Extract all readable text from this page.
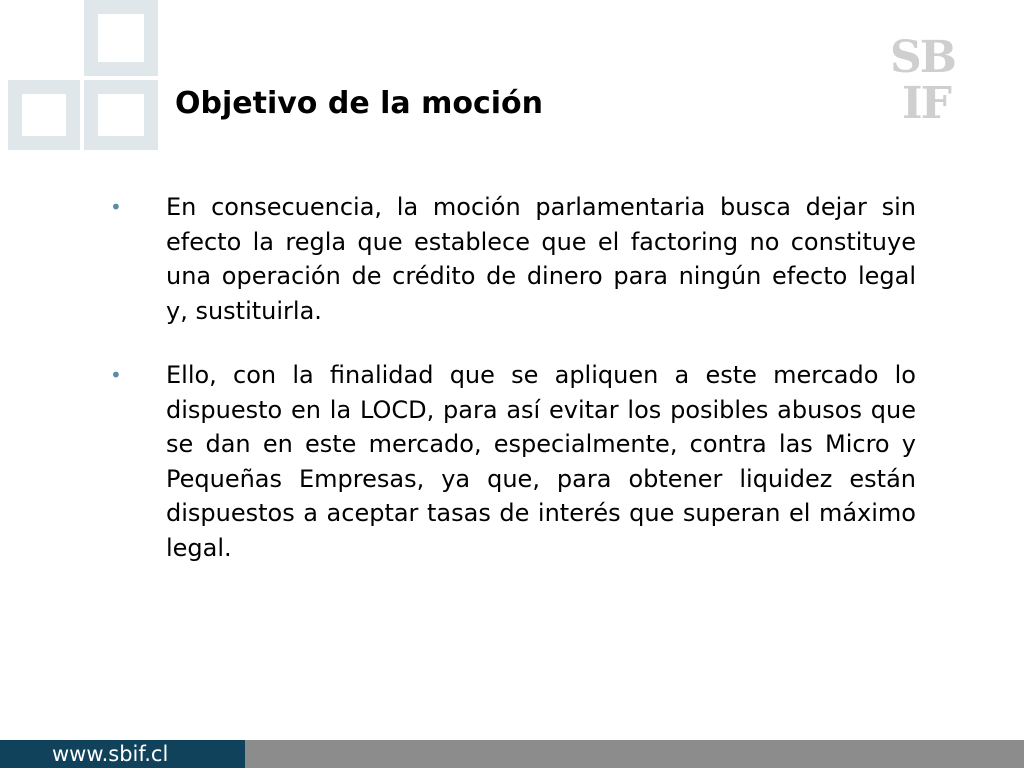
Objetivo de la moción
SB
IF

• En consecuencia, la moción parlamentaria busca dejar sin efecto la regla que establece que el factoring no constituye una operación de crédito de dinero para ningún efecto legal y, sustituirla.

• Ello, con la finalidad que se apliquen a este mercado lo dispuesto en la LOCD, para así evitar los posibles abusos que se dan en este mercado, especialmente, contra las Micro y Pequeñas Empresas, ya que, para obtener liquidez están dispuestos a aceptar tasas de interés que superan el máximo legal.

www.sbif.cl
